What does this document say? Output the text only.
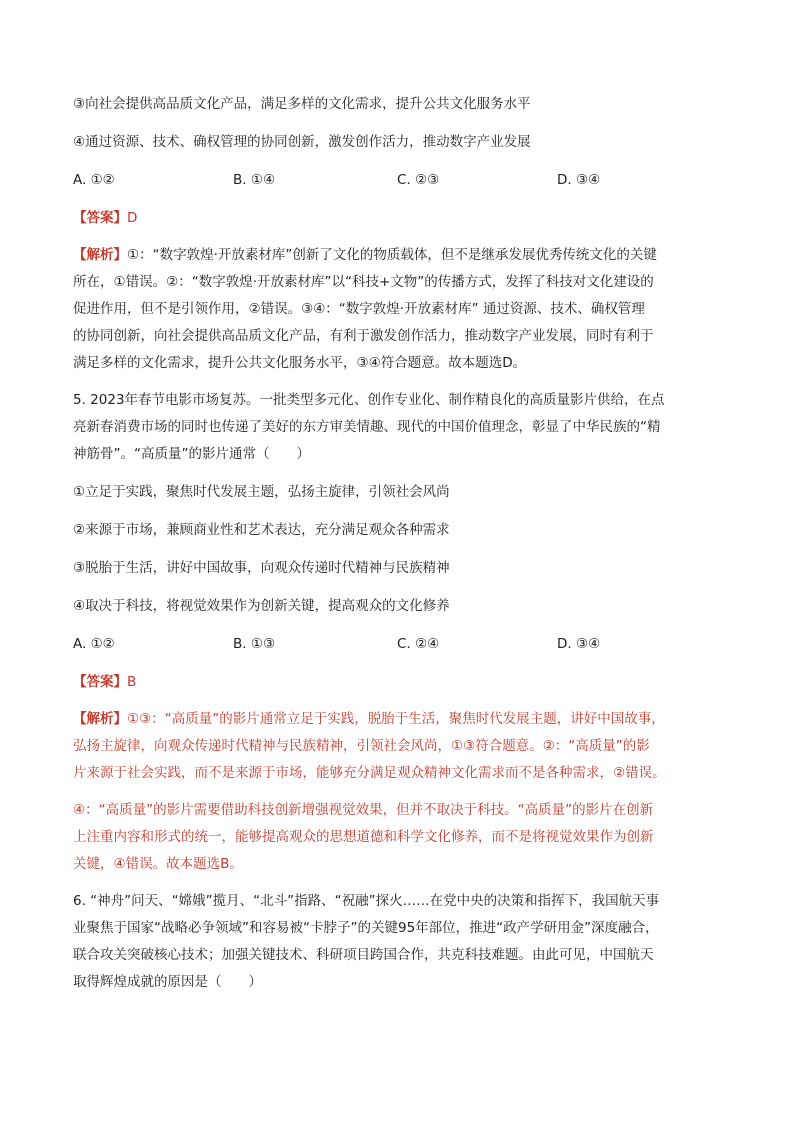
③向社会提供高品质文化产品，满足多样的文化需求，提升公共文化服务水平
④通过资源、技术、确权管理的协同创新，激发创作活力，推动数字产业发展
A. ①②	B. ①④	C. ②③	D. ③④
【答案】D
【解析】①：“数字敦煌·开放素材库”创新了文化的物质载体，但不是继承发展优秀传统文化的关键
所在，①错误。②：“数字敦煌·开放素材库”以“科技+文物”的传播方式，发挥了科技对文化建设的
促进作用，但不是引领作用，②错误。③④：“数字敦煌·开放素材库” 通过资源、技术、确权管理
的协同创新，向社会提供高品质文化产品，有利于激发创作活力，推动数字产业发展，同时有利于
满足多样的文化需求，提升公共文化服务水平，③④符合题意。故本题选D。
5. 2023年春节电影市场复苏。一批类型多元化、创作专业化、制作精良化的高质量影片供给，在点
亮新春消费市场的同时也传递了美好的东方审美情趣、现代的中国价值理念，彰显了中华民族的“精
神筋骨”。“高质量”的影片通常（　　）
①立足于实践，聚焦时代发展主题，弘扬主旋律，引领社会风尚
②来源于市场，兼顾商业性和艺术表达，充分满足观众各种需求
③脱胎于生活，讲好中国故事，向观众传递时代精神与民族精神
④取决于科技，将视觉效果作为创新关键，提高观众的文化修养
A. ①②	B. ①③	C. ②④	D. ③④
【答案】B
【解析】①③：“高质量”的影片通常立足于实践，脱胎于生活，聚焦时代发展主题，讲好中国故事，
弘扬主旋律，向观众传递时代精神与民族精神，引领社会风尚，①③符合题意。②：“高质量”的影
片来源于社会实践，而不是来源于市场，能够充分满足观众精神文化需求而不是各种需求，②错误。
④：“高质量”的影片需要借助科技创新增强视觉效果，但并不取决于科技。“高质量”的影片在创新
上注重内容和形式的统一，能够提高观众的思想道德和科学文化修养，而不是将视觉效果作为创新
关键，④错误。故本题选B。
6. “神舟”问天、“嫦娥”揽月、“北斗”指路、“祝融”探火……在党中央的决策和指挥下，我国航天事
业聚焦于国家“战略必争领域”和容易被“卡脖子”的关键95年部位，推进“政产学研用金”深度融合，
联合攻关突破核心技术；加强关键技术、科研项目跨国合作，共克科技难题。由此可见，中国航天
取得辉煌成就的原因是（　　）
